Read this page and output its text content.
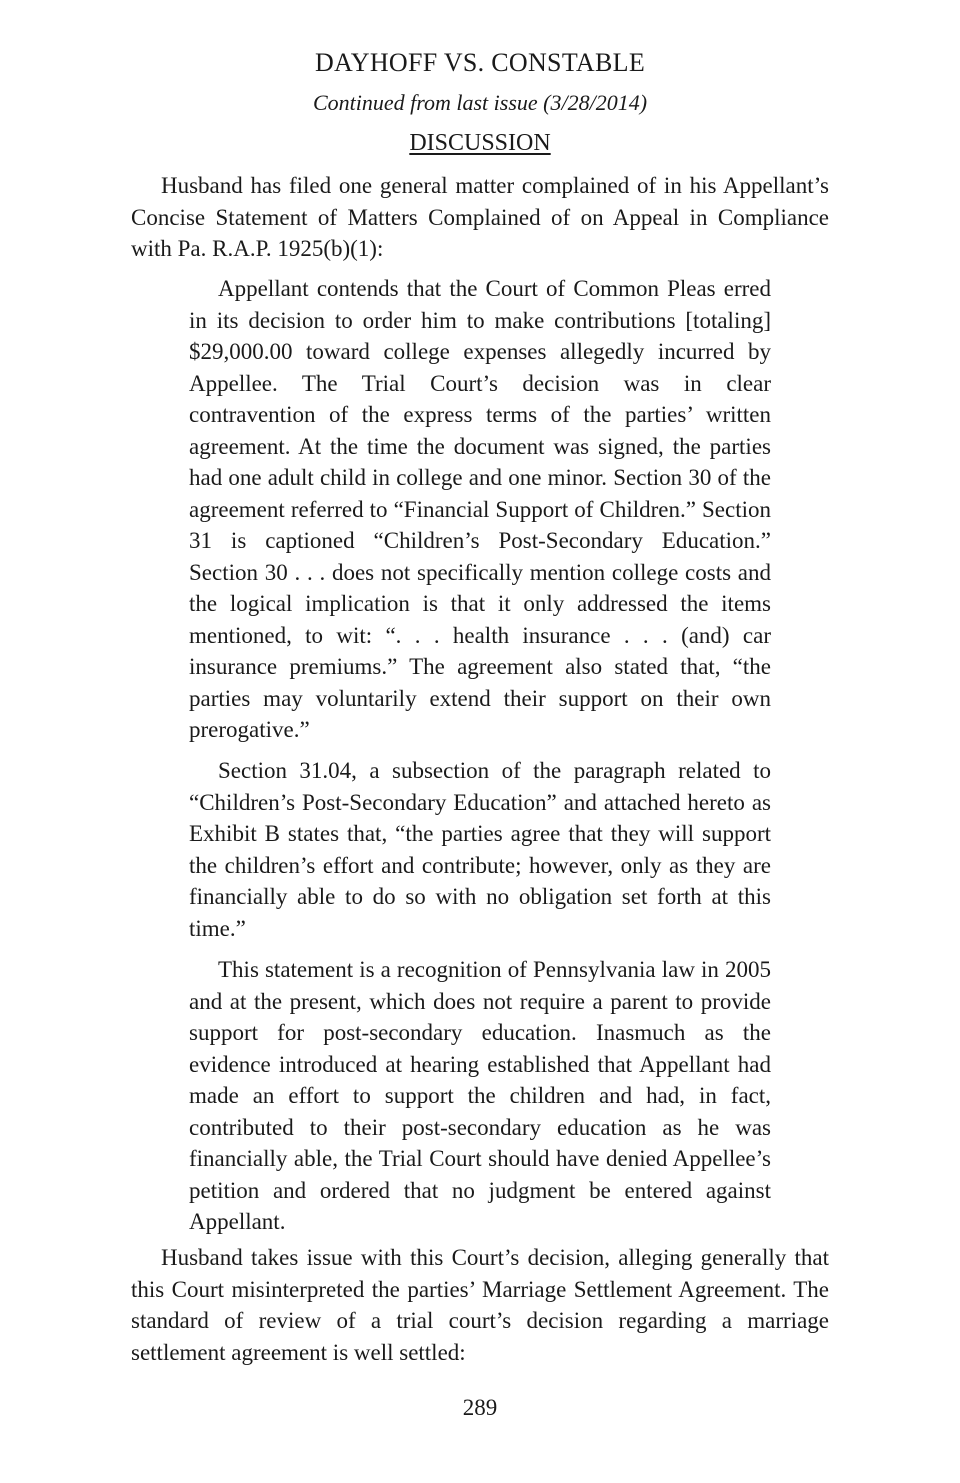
DAYHOFF VS. CONSTABLE
Continued from last issue (3/28/2014)
DISCUSSION

Husband has filed one general matter complained of in his Appellant’s Concise Statement of Matters Complained of on Appeal in Compliance with Pa. R.A.P. 1925(b)(1):

Appellant contends that the Court of Common Pleas erred in its decision to order him to make contributions [totaling] $29,000.00 toward college expenses allegedly incurred by Appellee. The Trial Court’s decision was in clear contravention of the express terms of the parties’ written agreement. At the time the document was signed, the parties had one adult child in college and one minor. Section 30 of the agreement referred to “Financial Support of Children.” Section 31 is captioned “Children’s Post-Secondary Education.” Section 30 . . . does not specifically mention college costs and the logical implication is that it only addressed the items mentioned, to wit: “. . . health insurance . . . (and) car insurance premiums.” The agreement also stated that, “the parties may voluntarily extend their support on their own prerogative.”

Section 31.04, a subsection of the paragraph related to “Children’s Post-Secondary Education” and attached hereto as Exhibit B states that, “the parties agree that they will support the children’s effort and contribute; however, only as they are financially able to do so with no obligation set forth at this time.”

This statement is a recognition of Pennsylvania law in 2005 and at the present, which does not require a parent to provide support for post-secondary education. Inasmuch as the evidence introduced at hearing established that Appellant had made an effort to support the children and had, in fact, contributed to their post-secondary education as he was financially able, the Trial Court should have denied Appellee’s petition and ordered that no judgment be entered against Appellant.

Husband takes issue with this Court’s decision, alleging generally that this Court misinterpreted the parties’ Marriage Settlement Agreement. The standard of review of a trial court’s decision regarding a marriage settlement agreement is well settled:

289
